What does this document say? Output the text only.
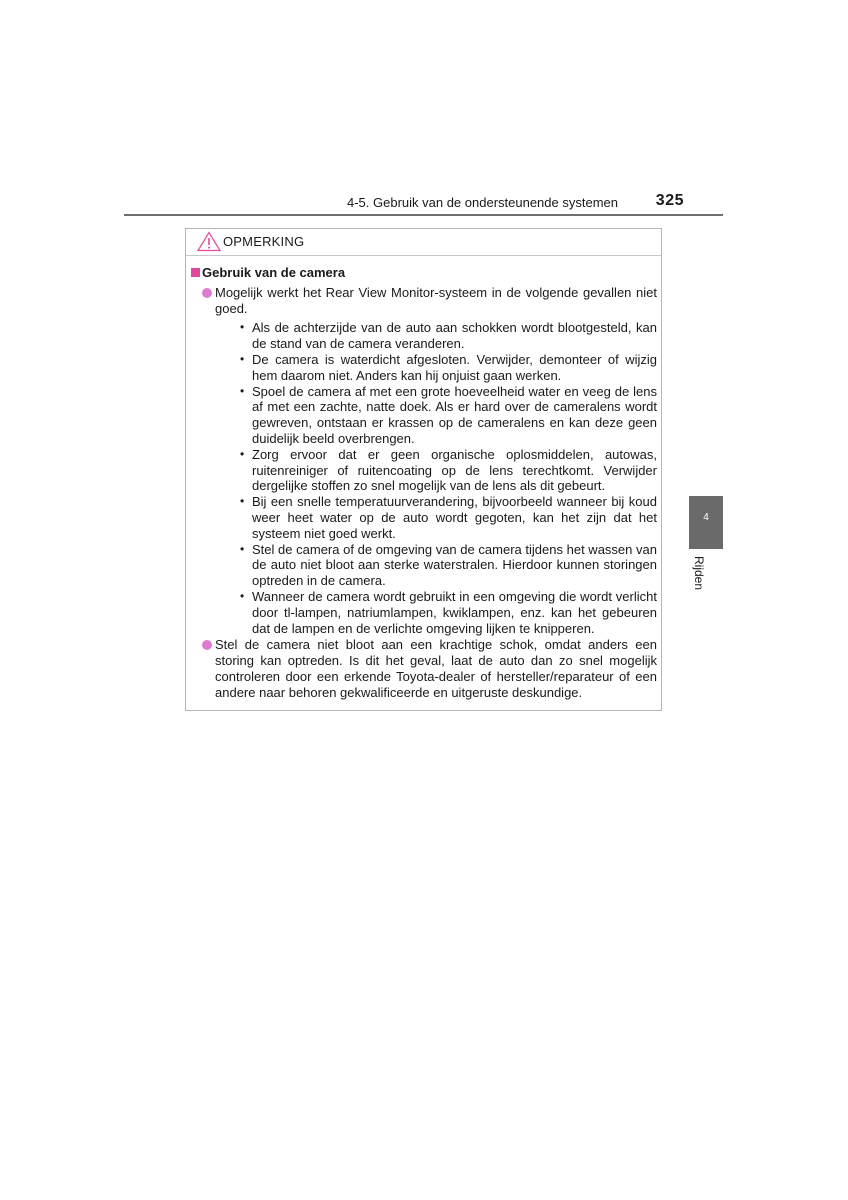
4-5. Gebruik van de ondersteunende systemen 325
OPMERKING
Gebruik van de camera
Mogelijk werkt het Rear View Monitor-systeem in de volgende gevallen niet goed.
• Als de achterzijde van de auto aan schokken wordt blootgesteld, kan de stand van de camera veranderen.
• De camera is waterdicht afgesloten. Verwijder, demonteer of wijzig hem daarom niet. Anders kan hij onjuist gaan werken.
• Spoel de camera af met een grote hoeveelheid water en veeg de lens af met een zachte, natte doek. Als er hard over de cameralens wordt gewreven, ontstaan er krassen op de cameralens en kan deze geen duidelijk beeld overbrengen.
• Zorg ervoor dat er geen organische oplosmiddelen, autowas, ruitenreiniger of ruitencoating op de lens terechtkomt. Verwijder dergelijke stoffen zo snel mogelijk van de lens als dit gebeurt.
• Bij een snelle temperatuurverandering, bijvoorbeeld wanneer bij koud weer heet water op de auto wordt gegoten, kan het zijn dat het systeem niet goed werkt.
• Stel de camera of de omgeving van de camera tijdens het wassen van de auto niet bloot aan sterke waterstralen. Hierdoor kunnen storingen optreden in de camera.
• Wanneer de camera wordt gebruikt in een omgeving die wordt verlicht door tl-lampen, natriumlampen, kwiklampen, enz. kan het gebeuren dat de lampen en de verlichte omgeving lijken te knipperen.
Stel de camera niet bloot aan een krachtige schok, omdat anders een storing kan optreden. Is dit het geval, laat de auto dan zo snel mogelijk controleren door een erkende Toyota-dealer of hersteller/reparateur of een andere naar behoren gekwalificeerde en uitgeruste deskundige.
4
Rijden
